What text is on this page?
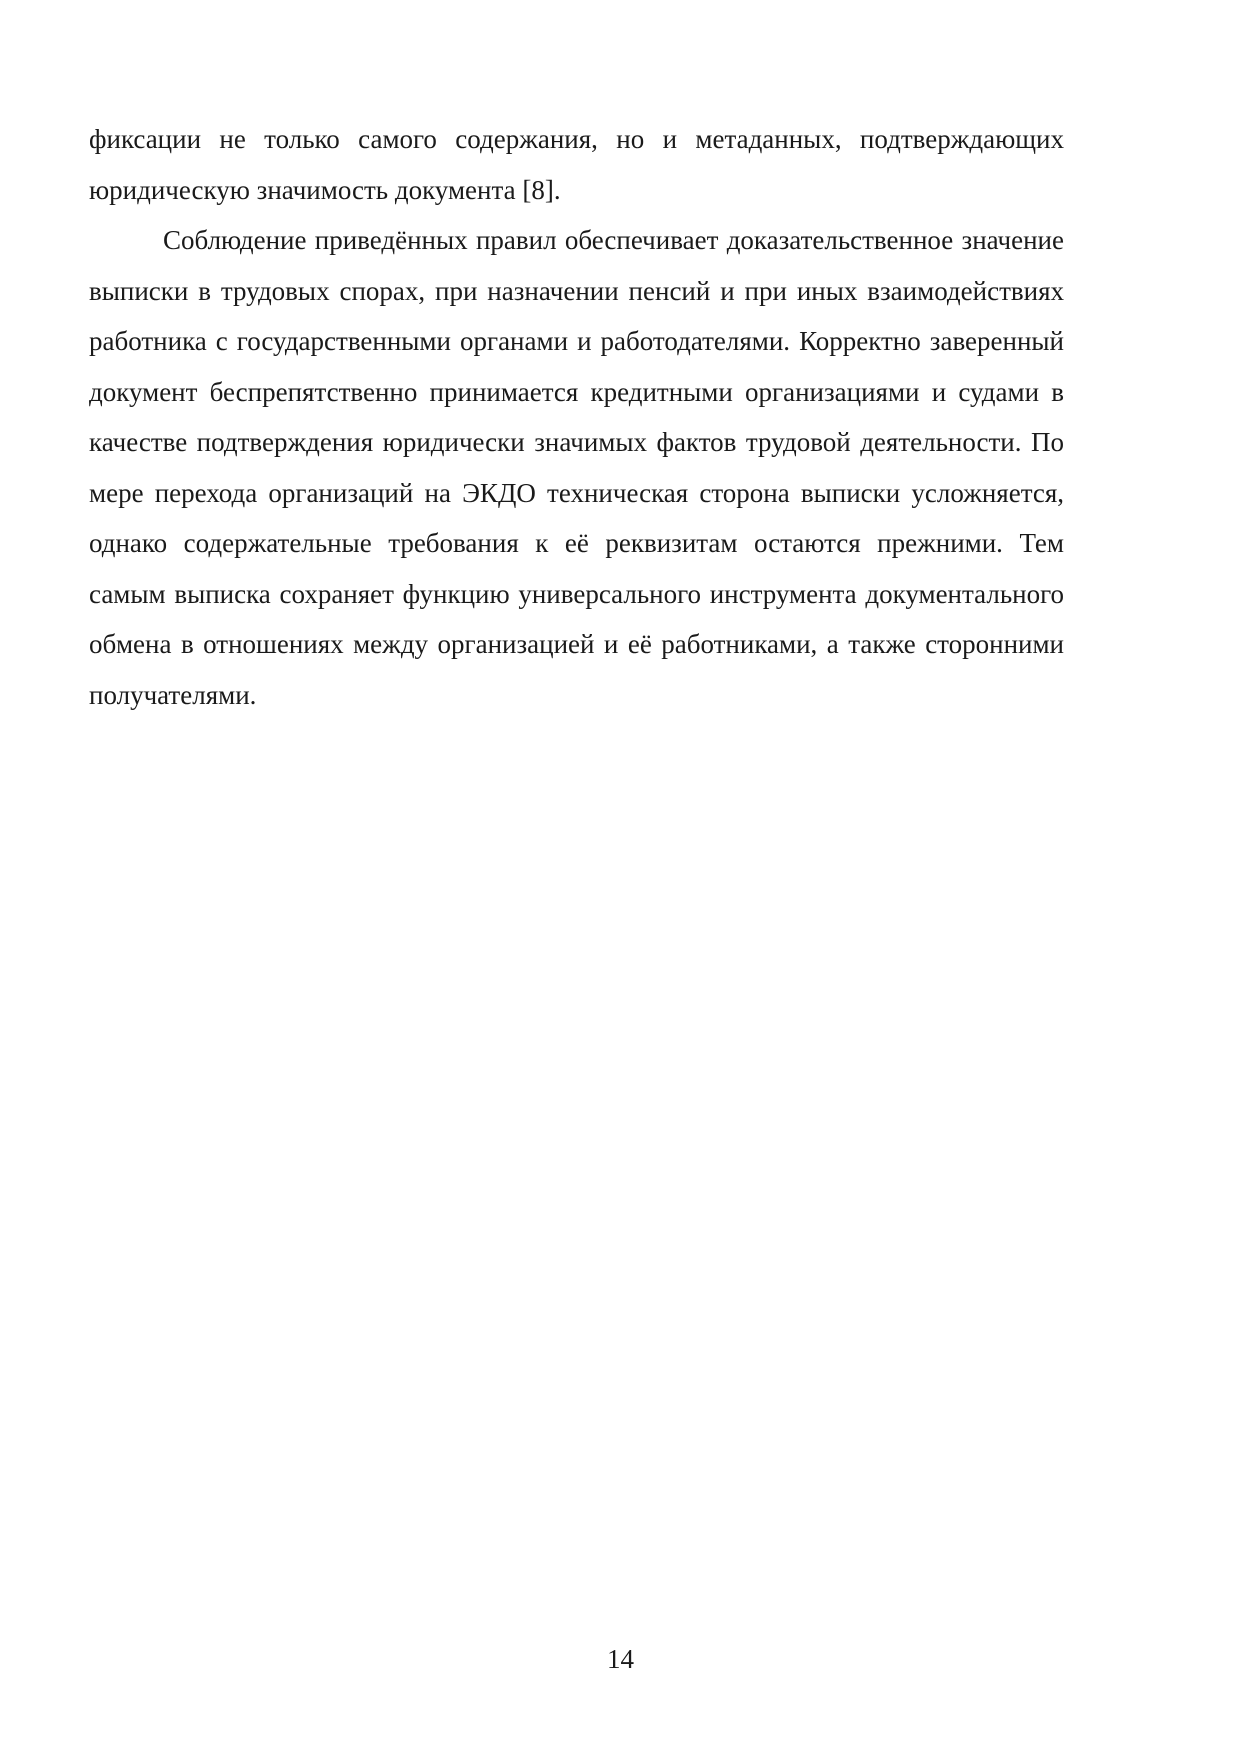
фиксации не только самого содержания, но и метаданных, подтверждающих юридическую значимость документа [8].

Соблюдение приведённых правил обеспечивает доказательственное значение выписки в трудовых спорах, при назначении пенсий и при иных взаимодействиях работника с государственными органами и работодателями. Корректно заверенный документ беспрепятственно принимается кредитными организациями и судами в качестве подтверждения юридически значимых фактов трудовой деятельности. По мере перехода организаций на ЭКДО техническая сторона выписки усложняется, однако содержательные требования к её реквизитам остаются прежними. Тем самым выписка сохраняет функцию универсального инструмента документального обмена в отношениях между организацией и её работниками, а также сторонними получателями.

14
